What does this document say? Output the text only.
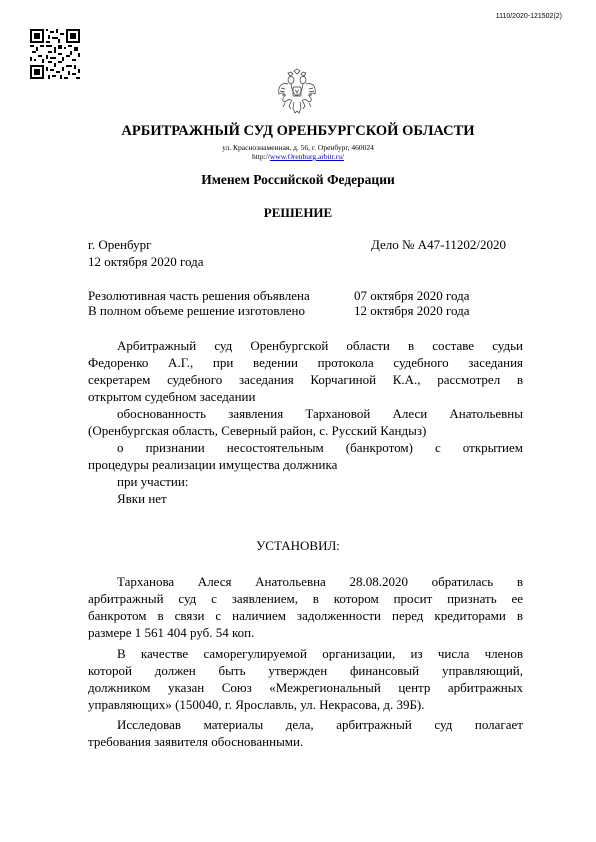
1110/2020-121502(2)
АРБИТРАЖНЫЙ СУД ОРЕНБУРГСКОЙ ОБЛАСТИ
ул. Краснознаменная, д. 56, г. Оренбург, 460024
http://www.Orenburg.arbitr.ru/
Именем Российской Федерации
РЕШЕНИЕ
г. Оренбург	Дело № А47-11202/2020
12 октября 2020 года
Резолютивная часть решения объявлена	07 октября 2020 года
В полном объеме решение изготовлено	12 октября 2020 года
Арбитражный суд Оренбургской области в составе судьи
Федоренко А.Г., при ведении протокола судебного заседания
секретарем судебного заседания Корчагиной К.А., рассмотрел в
открытом судебном заседании
обоснованность заявления Тархановой Алеси Анатольевны
(Оренбургская область, Северный район, с. Русский Кандыз)
о признании несостоятельным (банкротом) с открытием
процедуры реализации имущества должника
при участии:
Явки нет
УСТАНОВИЛ:
Тарханова Алеся Анатольевна 28.08.2020 обратилась в
арбитражный суд с заявлением, в котором просит признать ее
банкротом в связи с наличием задолженности перед кредиторами в
размере 1 561 404 руб. 54 коп.
В качестве саморегулируемой организации, из числа членов
которой должен быть утвержден финансовый управляющий,
должником указан Союз «Межрегиональный центр арбитражных
управляющих» (150040, г. Ярославль, ул. Некрасова, д. 39Б).
Исследовав материалы дела, арбитражный суд полагает
требования заявителя обоснованными.
